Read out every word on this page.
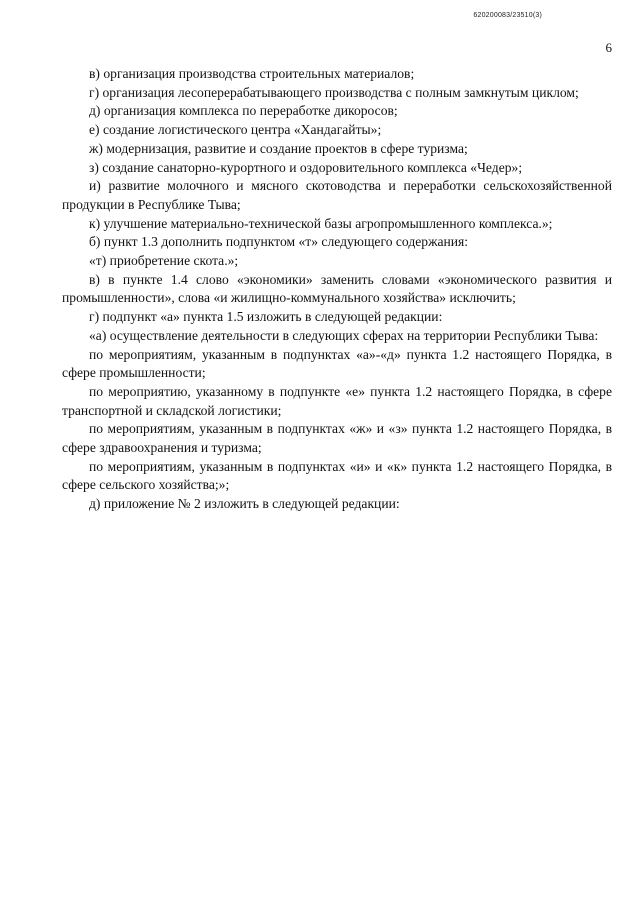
620200083/23510(3)
6

в) организация производства строительных материалов;

г) организация лесоперерабатывающего производства с полным замкнутым циклом;

д) организация комплекса по переработке дикоросов;

е) создание логистического центра «Хандагайты»;

ж) модернизация, развитие и создание проектов в сфере туризма;

з) создание санаторно-курортного и оздоровительного комплекса «Чедер»;

и) развитие молочного и мясного скотоводства и переработки сельскохозяйственной продукции в Республике Тыва;

к) улучшение материально-технической базы агропромышленного комплекса.»;

б) пункт 1.3 дополнить подпунктом «т» следующего содержания:

«т) приобретение скота.»;

в) в пункте 1.4 слово «экономики» заменить словами «экономического развития и промышленности», слова «и жилищно-коммунального хозяйства» исключить;

г) подпункт «а» пункта 1.5 изложить в следующей редакции:

«а) осуществление деятельности в следующих сферах на территории Республики Тыва:

по мероприятиям, указанным в подпунктах «а»-«д» пункта 1.2 настоящего Порядка, в сфере промышленности;

по мероприятию, указанному в подпункте «е» пункта 1.2 настоящего Порядка, в сфере транспортной и складской логистики;

по мероприятиям, указанным в подпунктах «ж» и «з» пункта 1.2 настоящего Порядка, в сфере здравоохранения и туризма;

по мероприятиям, указанным в подпунктах «и» и «к» пункта 1.2 настоящего Порядка, в сфере сельского хозяйства;»;

д) приложение № 2 изложить в следующей редакции:
